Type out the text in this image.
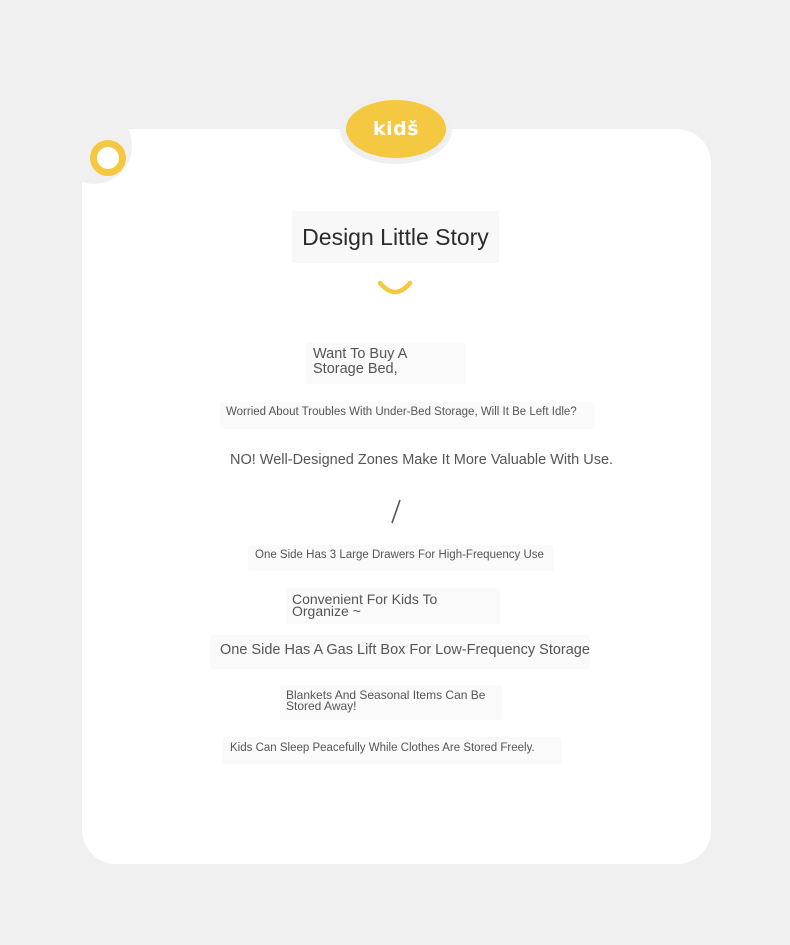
kidš
Design Little Story
Want To Buy A Storage Bed,
Worried About Troubles With Under-Bed Storage, Will It Be Left Idle?
NO! Well-Designed Zones Make It More Valuable With Use.
One Side Has 3 Large Drawers For High-Frequency Use
Convenient For Kids To Organize ~
One Side Has A Gas Lift Box For Low-Frequency Storage
Blankets And Seasonal Items Can Be Stored Away!
Kids Can Sleep Peacefully While Clothes Are Stored Freely.
